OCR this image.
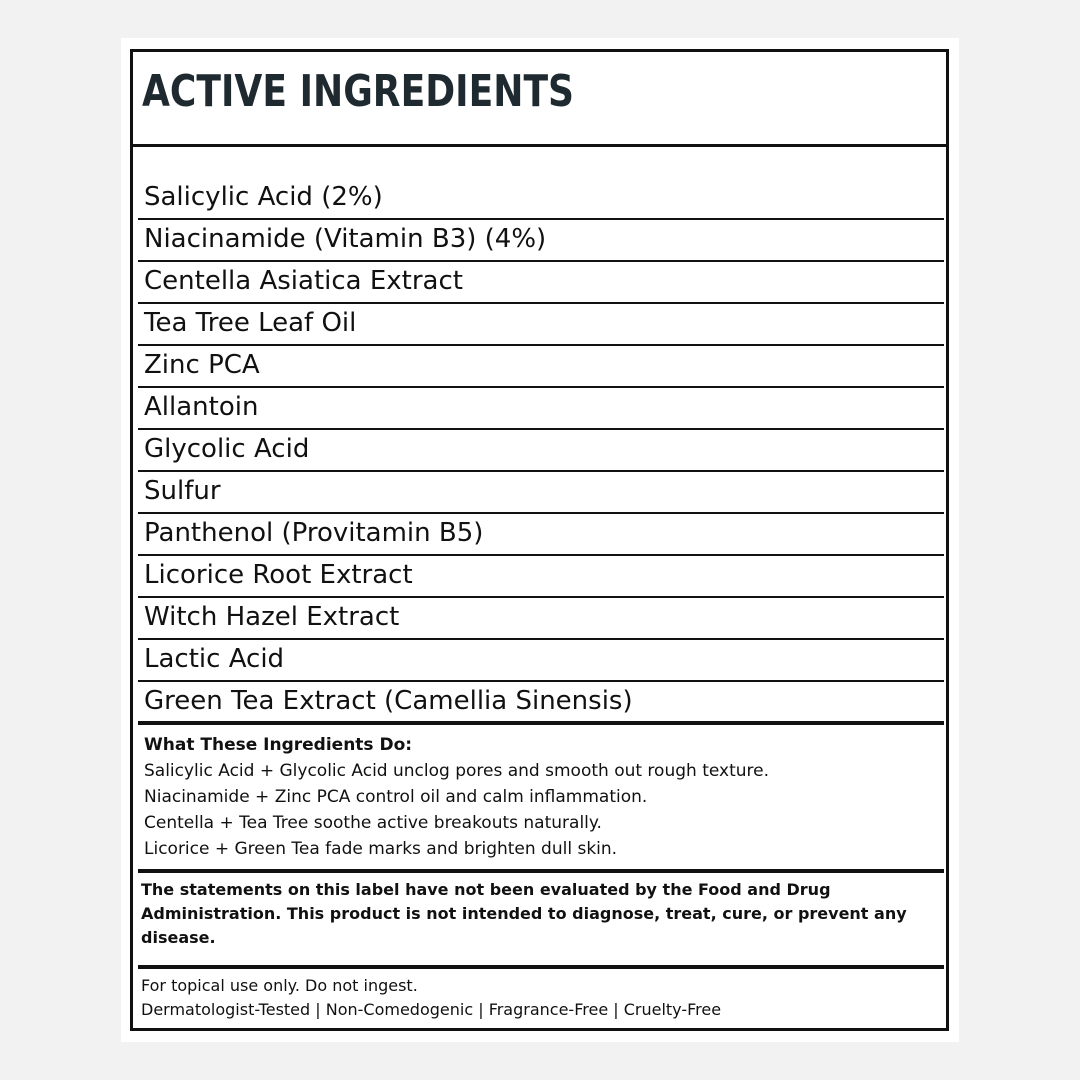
ACTIVE INGREDIENTS
Salicylic Acid (2%)
Niacinamide (Vitamin B3) (4%)
Centella Asiatica Extract
Tea Tree Leaf Oil
Zinc PCA
Allantoin
Glycolic Acid
Sulfur
Panthenol (Provitamin B5)
Licorice Root Extract
Witch Hazel Extract
Lactic Acid
Green Tea Extract (Camellia Sinensis)
What These Ingredients Do:
Salicylic Acid + Glycolic Acid unclog pores and smooth out rough texture.
Niacinamide + Zinc PCA control oil and calm inflammation.
Centella + Tea Tree soothe active breakouts naturally.
Licorice + Green Tea fade marks and brighten dull skin.
The statements on this label have not been evaluated by the Food and Drug Administration. This product is not intended to diagnose, treat, cure, or prevent any disease.
For topical use only. Do not ingest.
Dermatologist-Tested | Non-Comedogenic | Fragrance-Free | Cruelty-Free
